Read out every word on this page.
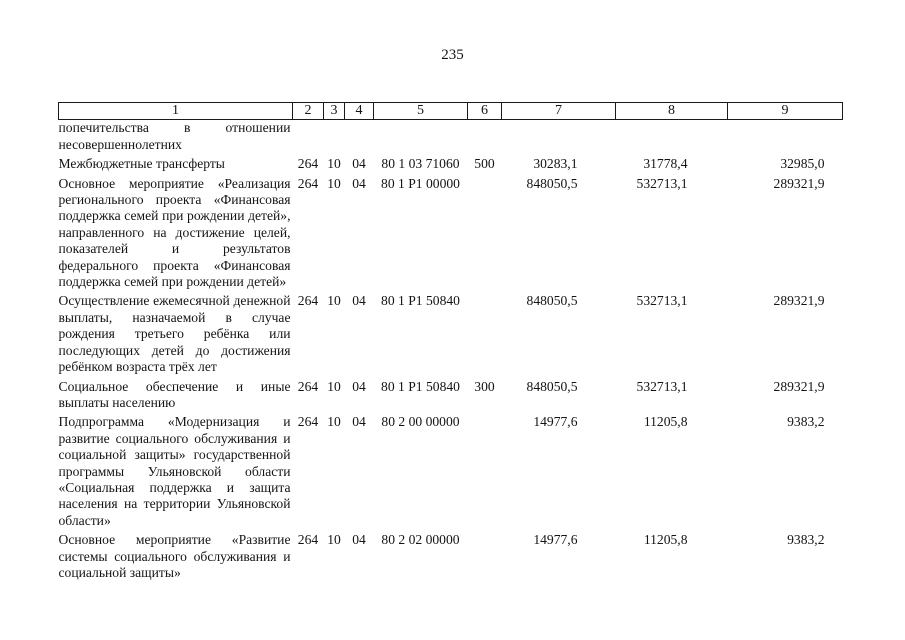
235
1	2	3	4	5	6	7	8	9

попечительства в отношении несовершеннолетних								

Межбюджетные трансферты	264	10	04	80 1 03 71060	500	30283,1	31778,4	32985,0

Основное мероприятие «Реализация регионального проекта «Финансовая поддержка семей при рождении детей», направленного на достижение целей, показателей и результатов федерального проекта «Финансовая поддержка семей при рождении детей»	264	10	04	80 1 P1 00000		848050,5	532713,1	289321,9

Осуществление ежемесячной денежной выплаты, назначаемой в случае рождения третьего ребёнка или последующих детей до достижения ребёнком возраста трёх лет	264	10	04	80 1 P1 50840		848050,5	532713,1	289321,9

Социальное обеспечение и иные выплаты населению	264	10	04	80 1 P1 50840	300	848050,5	532713,1	289321,9

Подпрограмма «Модернизация и развитие социального обслуживания и социальной защиты» государственной программы Ульяновской области «Социальная поддержка и защита населения на территории Ульяновской области»	264	10	04	80 2 00 00000		14977,6	11205,8	9383,2

Основное мероприятие «Развитие системы социального обслуживания и социальной защиты»	264	10	04	80 2 02 00000		14977,6	11205,8	9383,2
